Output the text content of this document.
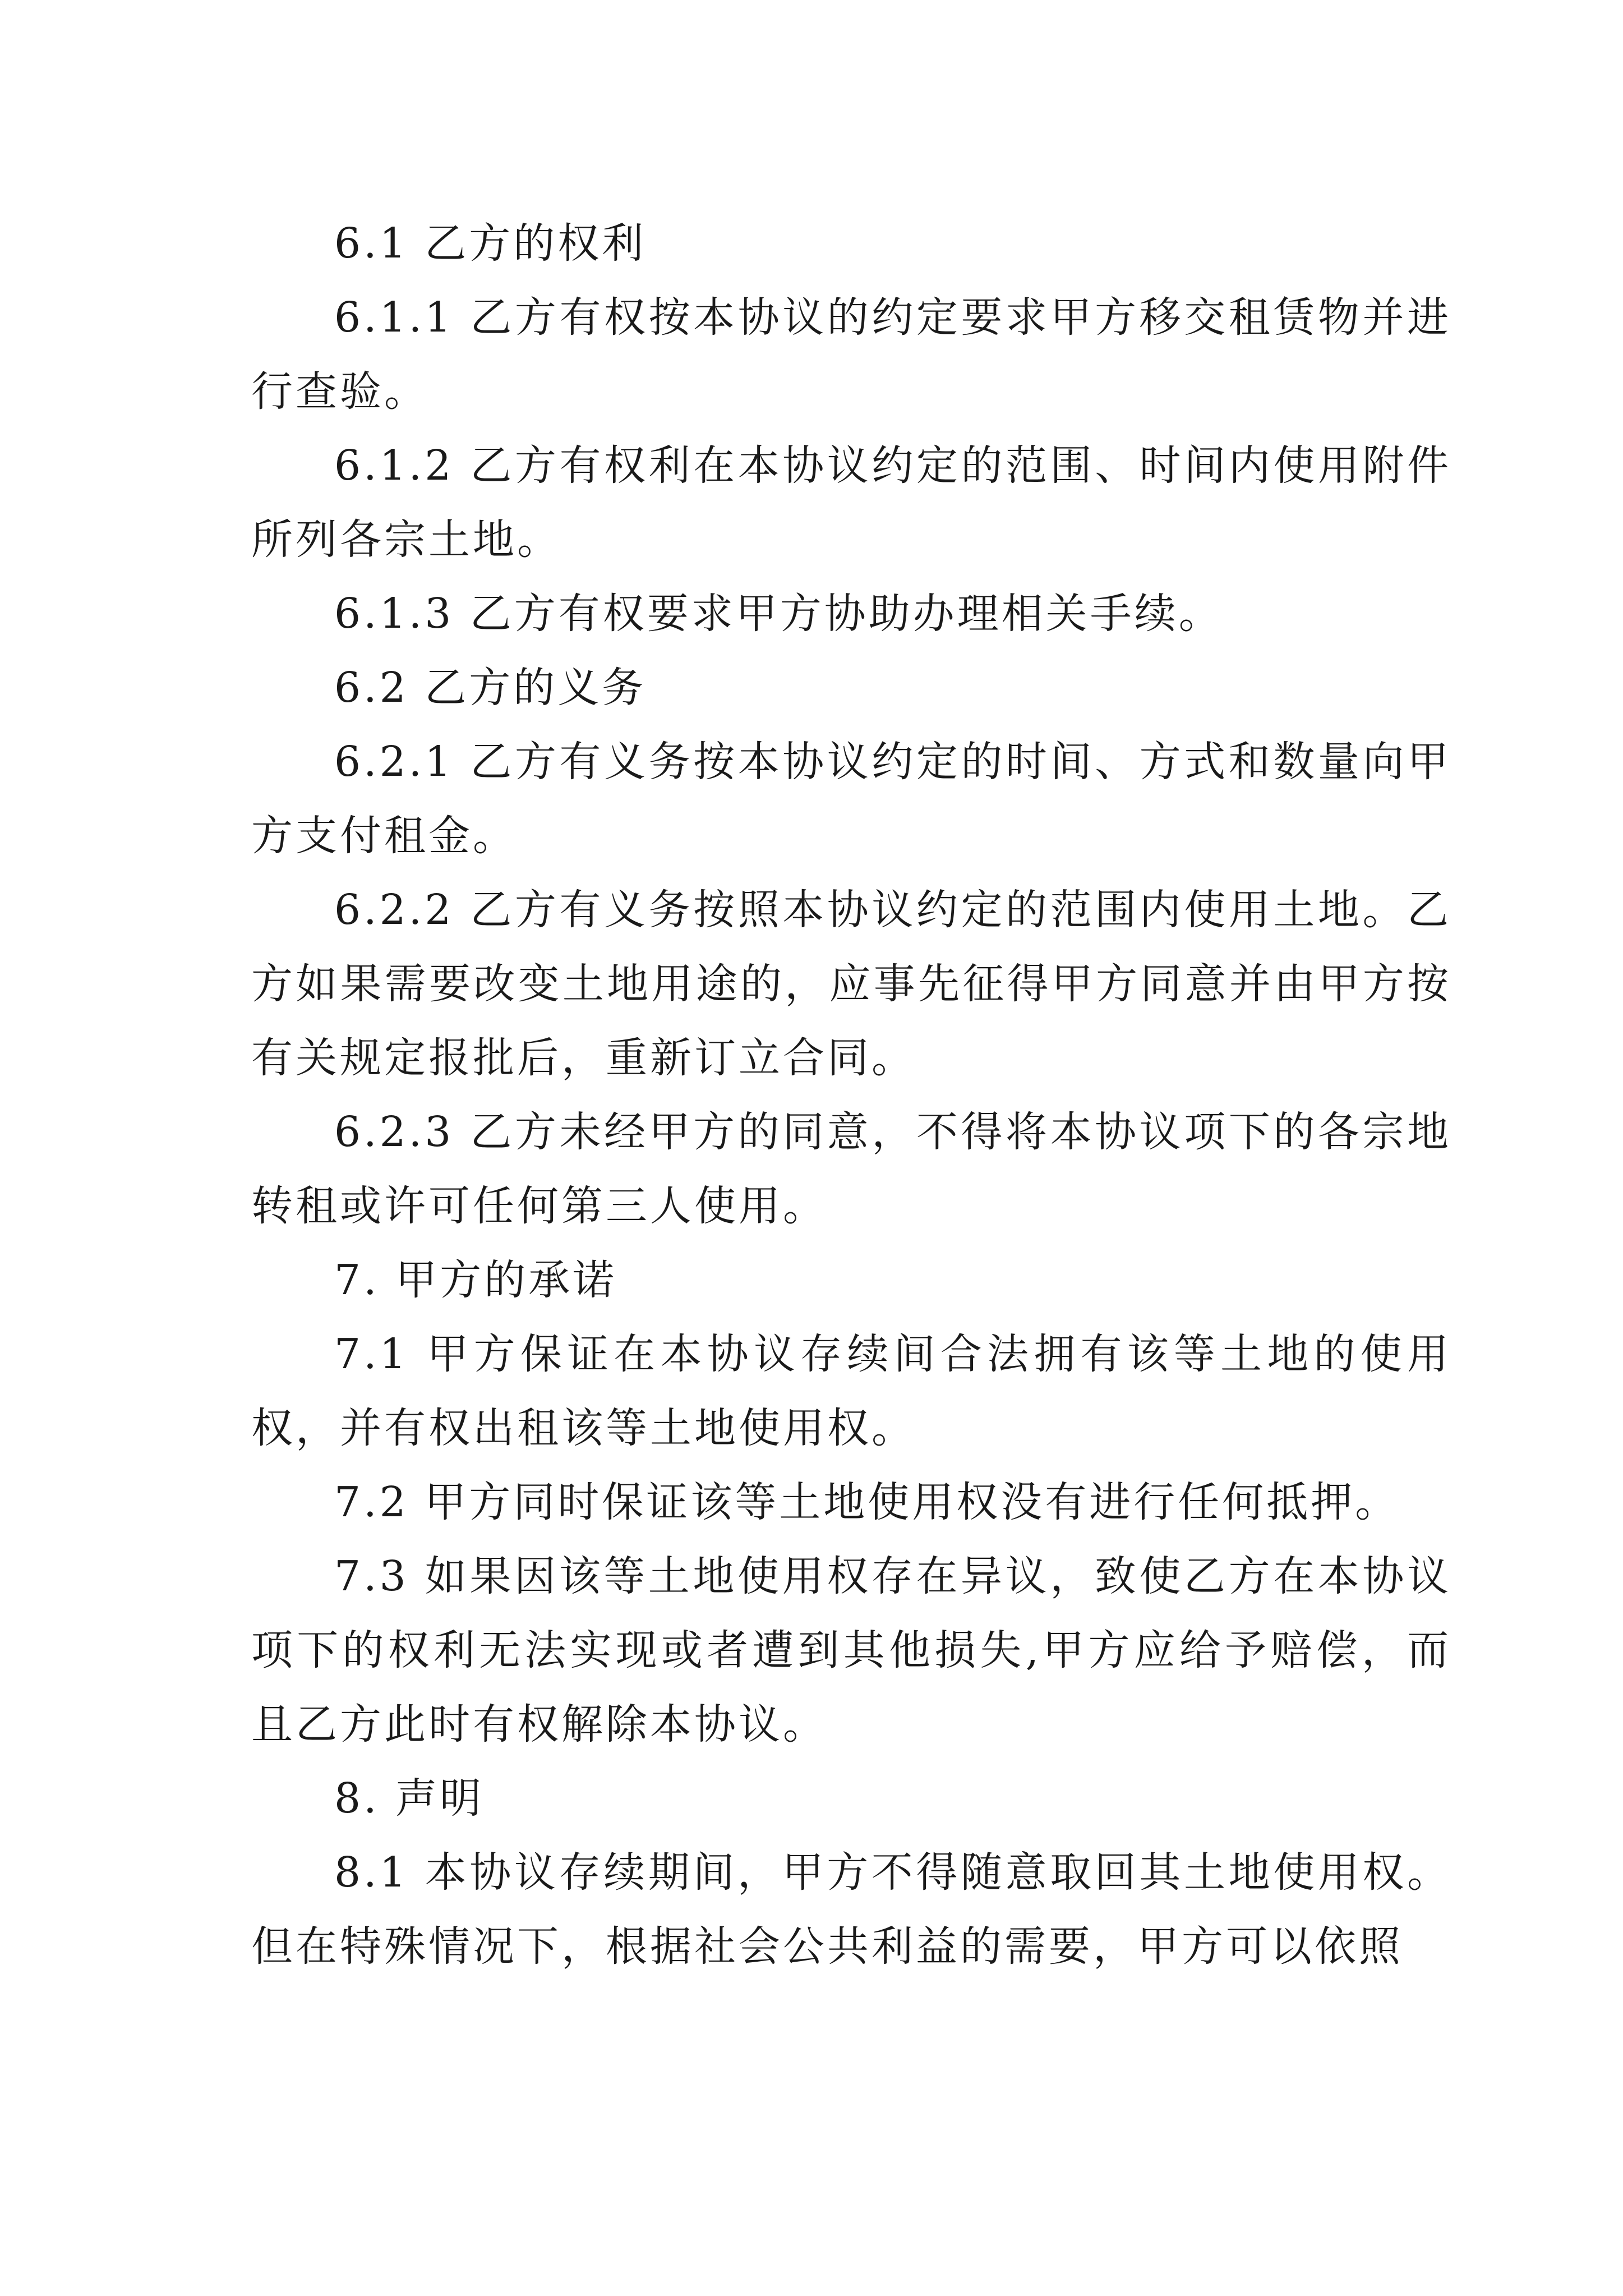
6.1 乙方的权利

6.1.1 乙方有权按本协议的约定要求甲方移交租赁物并进行查验。

6.1.2 乙方有权利在本协议约定的范围、时间内使用附件所列各宗土地。

6.1.3 乙方有权要求甲方协助办理相关手续。

6.2 乙方的义务

6.2.1 乙方有义务按本协议约定的时间、方式和数量向甲方支付租金。

6.2.2 乙方有义务按照本协议约定的范围内使用土地。乙方如果需要改变土地用途的，应事先征得甲方同意并由甲方按有关规定报批后，重新订立合同。

6.2.3 乙方未经甲方的同意，不得将本协议项下的各宗地转租或许可任何第三人使用。

7. 甲方的承诺

7.1 甲方保证在本协议存续间合法拥有该等土地的使用权，并有权出租该等土地使用权。

7.2 甲方同时保证该等土地使用权没有进行任何抵押。

7.3 如果因该等土地使用权存在异议，致使乙方在本协议项下的权利无法实现或者遭到其他损失,甲方应给予赔偿，而且乙方此时有权解除本协议。

8. 声明

8.1 本协议存续期间，甲方不得随意取回其土地使用权。但在特殊情况下，根据社会公共利益的需要，甲方可以依照
